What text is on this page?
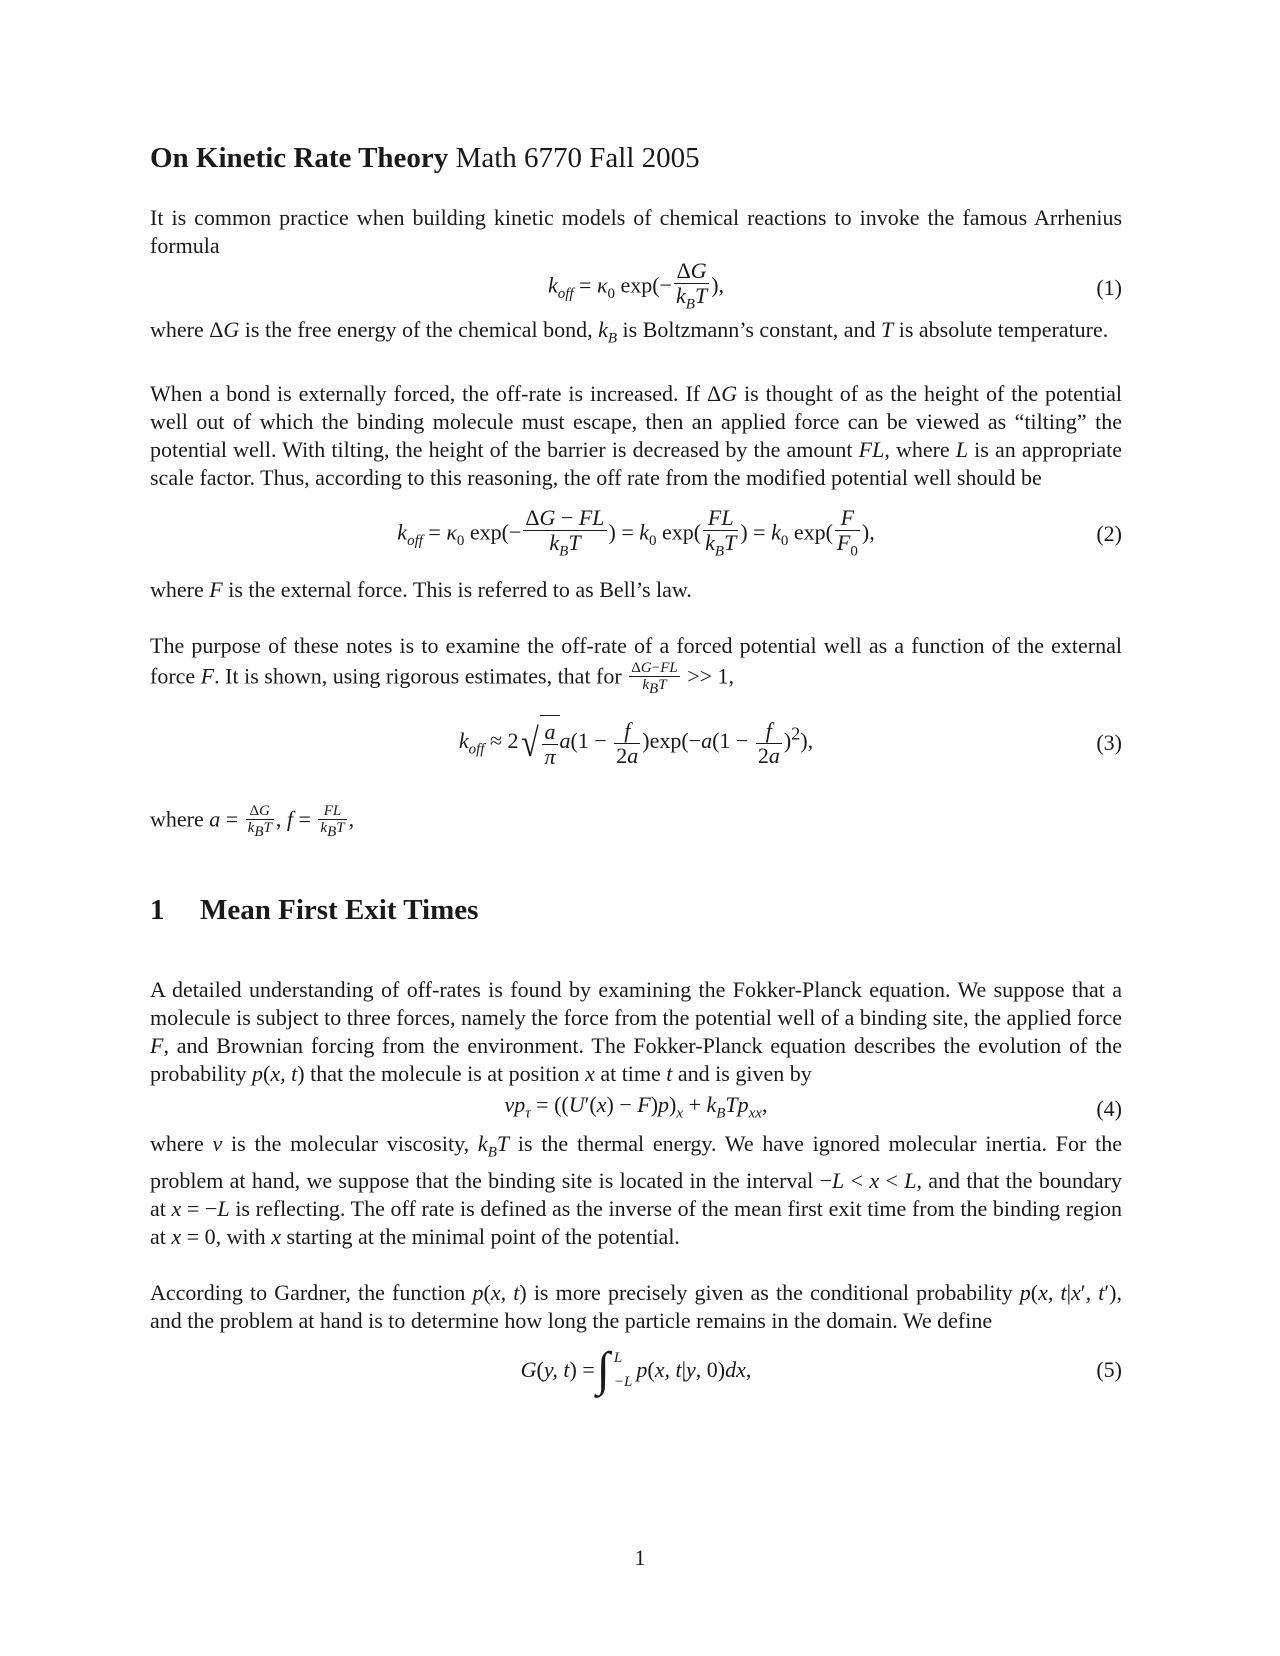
On Kinetic Rate Theory Math 6770 Fall 2005

It is common practice when building kinetic models of chemical reactions to invoke the famous Arrhenius formula

$k_{off} = \kappa_0$ $\exp(- \frac{\Delta G}{k_BT}$ ),	(1)

where ΔG is the free energy of the chemical bond, $k_B$ is Boltzmann’s constant, and T is absolute temperature.

When a bond is externally forced, the off-rate is increased. If ΔG is thought of as the height of the potential well out of which the binding molecule must escape, then an applied force can be viewed as “tilting” the potential well. With tilting, the height of the barrier is decreased by the amount FL, where L is an appropriate scale factor. Thus, according to this reasoning, the off rate from the modified potential well should be

$k_{off} = \kappa_0$ $\exp(- \frac{\Delta G - FL}{k_BT}$ ) = $k_0$ $\exp( \frac{FL}{k_BT}$ ) = $k_0$ $\exp( \frac{F}{F_0}$ ),	(2)

where F is the external force. This is referred to as Bell’s law.

The purpose of these notes is to examine the off-rate of a forced potential well as a function of the external force F. It is shown, using rigorous estimates, that for $\frac{\Delta G-FL}{k_BT} >> 1$,

$k_{off} \approx 2$ √ $\frac{a}{\pi} a(1 - \frac{f}{2a} )\exp(-a(1 - \frac{f}{2a} )^2)$,	(3)

where $a = \frac{\Delta G}{k_BT}$ , $f = \frac{FL}{k_BT}$ ,

1 Mean First Exit Times

A detailed understanding of off-rates is found by examining the Fokker-Planck equation. We suppose that a molecule is subject to three forces, namely the force from the potential well of a binding site, the applied force F, and Brownian forcing from the environment. The Fokker-Planck equation describes the evolution of the probability p(x, t) that the molecule is at position x at time t and is given by

$\nu p_\tau = ((U'(x) - F)p)_x + k_BTp_{xx}$,	(4)

where ν is the molecular viscosity, $k_BT$ is the thermal energy. We have ignored molecular inertia. For the problem at hand, we suppose that the binding site is located in the interval −L < x < L, and that the boundary at x = −L is reflecting. The off rate is defined as the inverse of the mean first exit time from the binding region at x = 0, with x starting at the minimal point of the potential.

According to Gardner, the function p(x, t) is more precisely given as the conditional probability p(x, t|x′, t′), and the problem at hand is to determine how long the particle remains in the domain. We define

G ( y, t ) = ∫ L
−L p ( x, t | y , 0) dx ,	(5)
1
